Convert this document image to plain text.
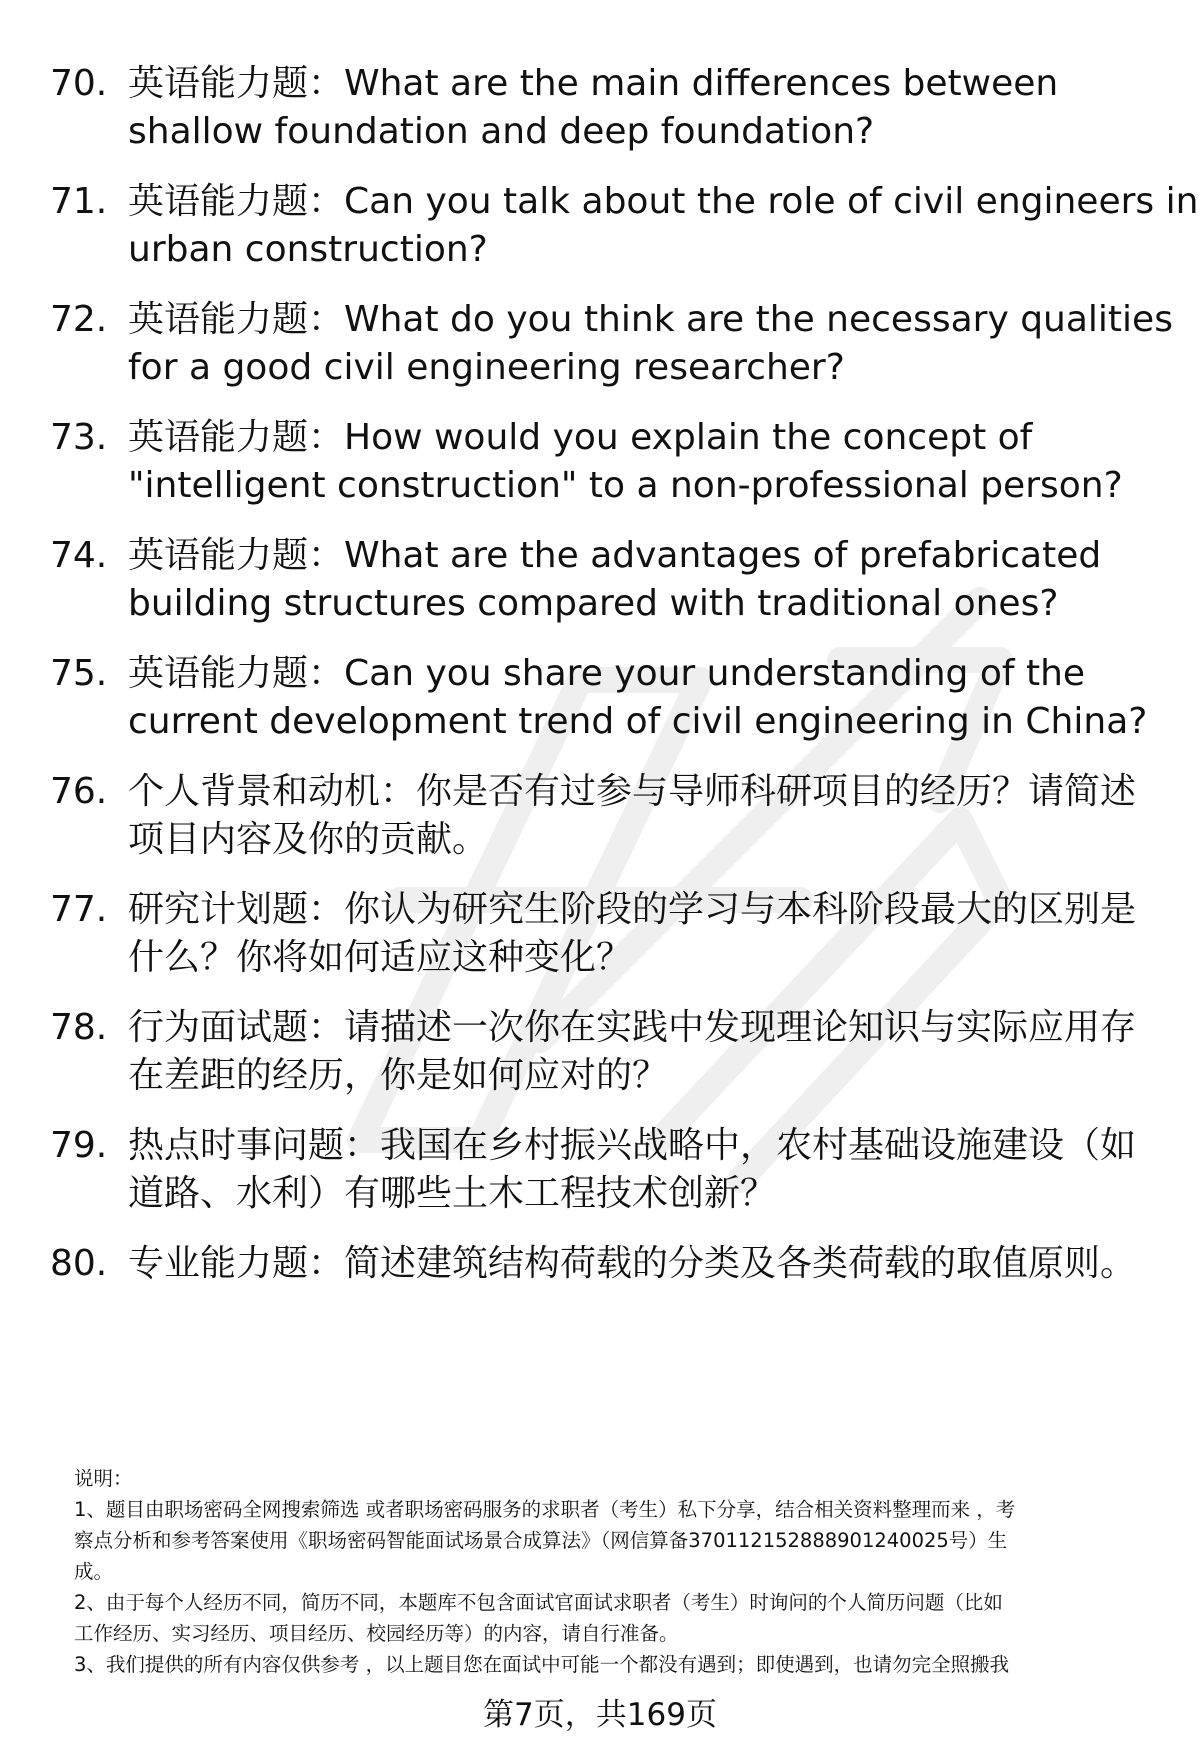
70. 英语能力题：What are the main differences between
shallow foundation and deep foundation?
71. 英语能力题：Can you talk about the role of civil engineers in
urban construction?
72. 英语能力题：What do you think are the necessary qualities
for a good civil engineering researcher?
73. 英语能力题：How would you explain the concept of
"intelligent construction" to a non-professional person?
74. 英语能力题：What are the advantages of prefabricated
building structures compared with traditional ones?
75. 英语能力题：Can you share your understanding of the
current development trend of civil engineering in China?
76. 个人背景和动机：你是否有过参与导师科研项目的经历？请简述
项目内容及你的贡献。
77. 研究计划题：你认为研究生阶段的学习与本科阶段最大的区别是
什么？你将如何适应这种变化？
78. 行为面试题：请描述一次你在实践中发现理论知识与实际应用存
在差距的经历，你是如何应对的？
79. 热点时事问题：我国在乡村振兴战略中，农村基础设施建设（如
道路、水利）有哪些土木工程技术创新？
80. 专业能力题：简述建筑结构荷载的分类及各类荷载的取值原则。
说明：
1、题目由职场密码全网搜索筛选 或者职场密码服务的求职者（考生）私下分享，结合相关资料整理而来 ，考
察点分析和参考答案使用《职场密码智能面试场景合成算法》（网信算备370112152888901240025号）生
成。
2、由于每个人经历不同，简历不同，本题库不包含面试官面试求职者（考生）时询问的个人简历问题（比如
工作经历、实习经历、项目经历、校园经历等）的内容，请自行准备。
3、我们提供的所有内容仅供参考 ，以上题目您在面试中可能一个都没有遇到；即使遇到，也请勿完全照搬我
第7页，共169页
